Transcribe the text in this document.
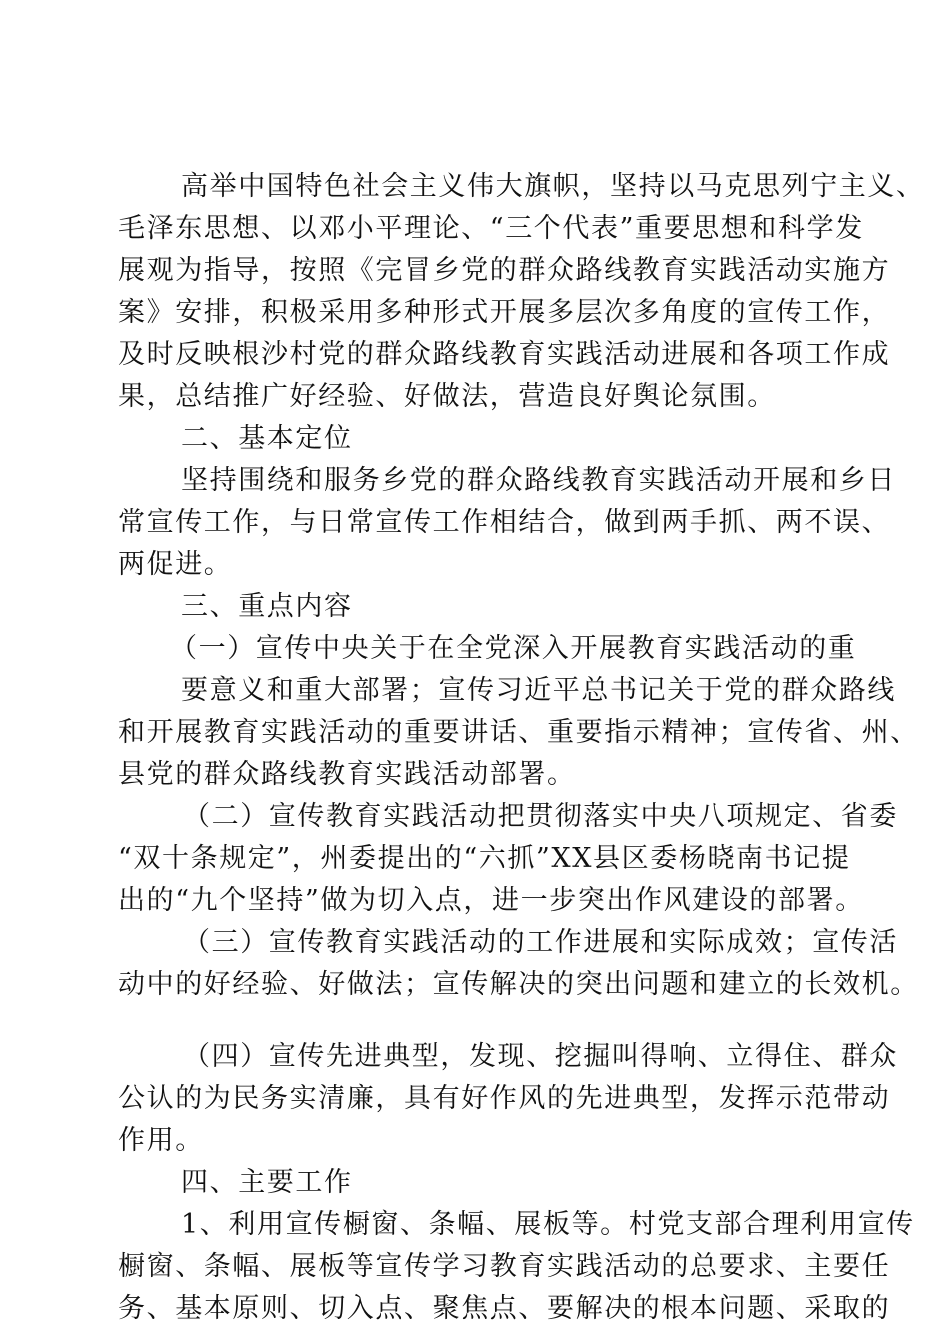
高举中国特色社会主义伟大旗帜，坚持以马克思列宁主义、
毛泽东思想、以邓小平理论、“三个代表”重要思想和科学发
展观为指导，按照《完冒乡党的群众路线教育实践活动实施方
案》安排，积极采用多种形式开展多层次多角度的宣传工作，
及时反映根沙村党的群众路线教育实践活动进展和各项工作成
果，总结推广好经验、好做法，营造良好舆论氛围。
二、基本定位
坚持围绕和服务乡党的群众路线教育实践活动开展和乡日
常宣传工作，与日常宣传工作相结合，做到两手抓、两不误、
两促进。
三、重点内容
（一）宣传中央关于在全党深入开展教育实践活动的重
要意义和重大部署；宣传习近平总书记关于党的群众路线
和开展教育实践活动的重要讲话、重要指示精神；宣传省、州、
县党的群众路线教育实践活动部署。
（二）宣传教育实践活动把贯彻落实中央八项规定、省委
“双十条规定”，州委提出的“六抓”XX县区委杨晓南书记提
出的“九个坚持”做为切入点，进一步突出作风建设的部署。
（三）宣传教育实践活动的工作进展和实际成效；宣传活
动中的好经验、好做法；宣传解决的突出问题和建立的长效机。
（四）宣传先进典型，发现、挖掘叫得响、立得住、群众
公认的为民务实清廉，具有好作风的先进典型，发挥示范带动
作用。
四、主要工作
1、利用宣传橱窗、条幅、展板等。村党支部合理利用宣传
橱窗、条幅、展板等宣传学习教育实践活动的总要求、主要任
务、基本原则、切入点、聚焦点、要解决的根本问题、采取的
